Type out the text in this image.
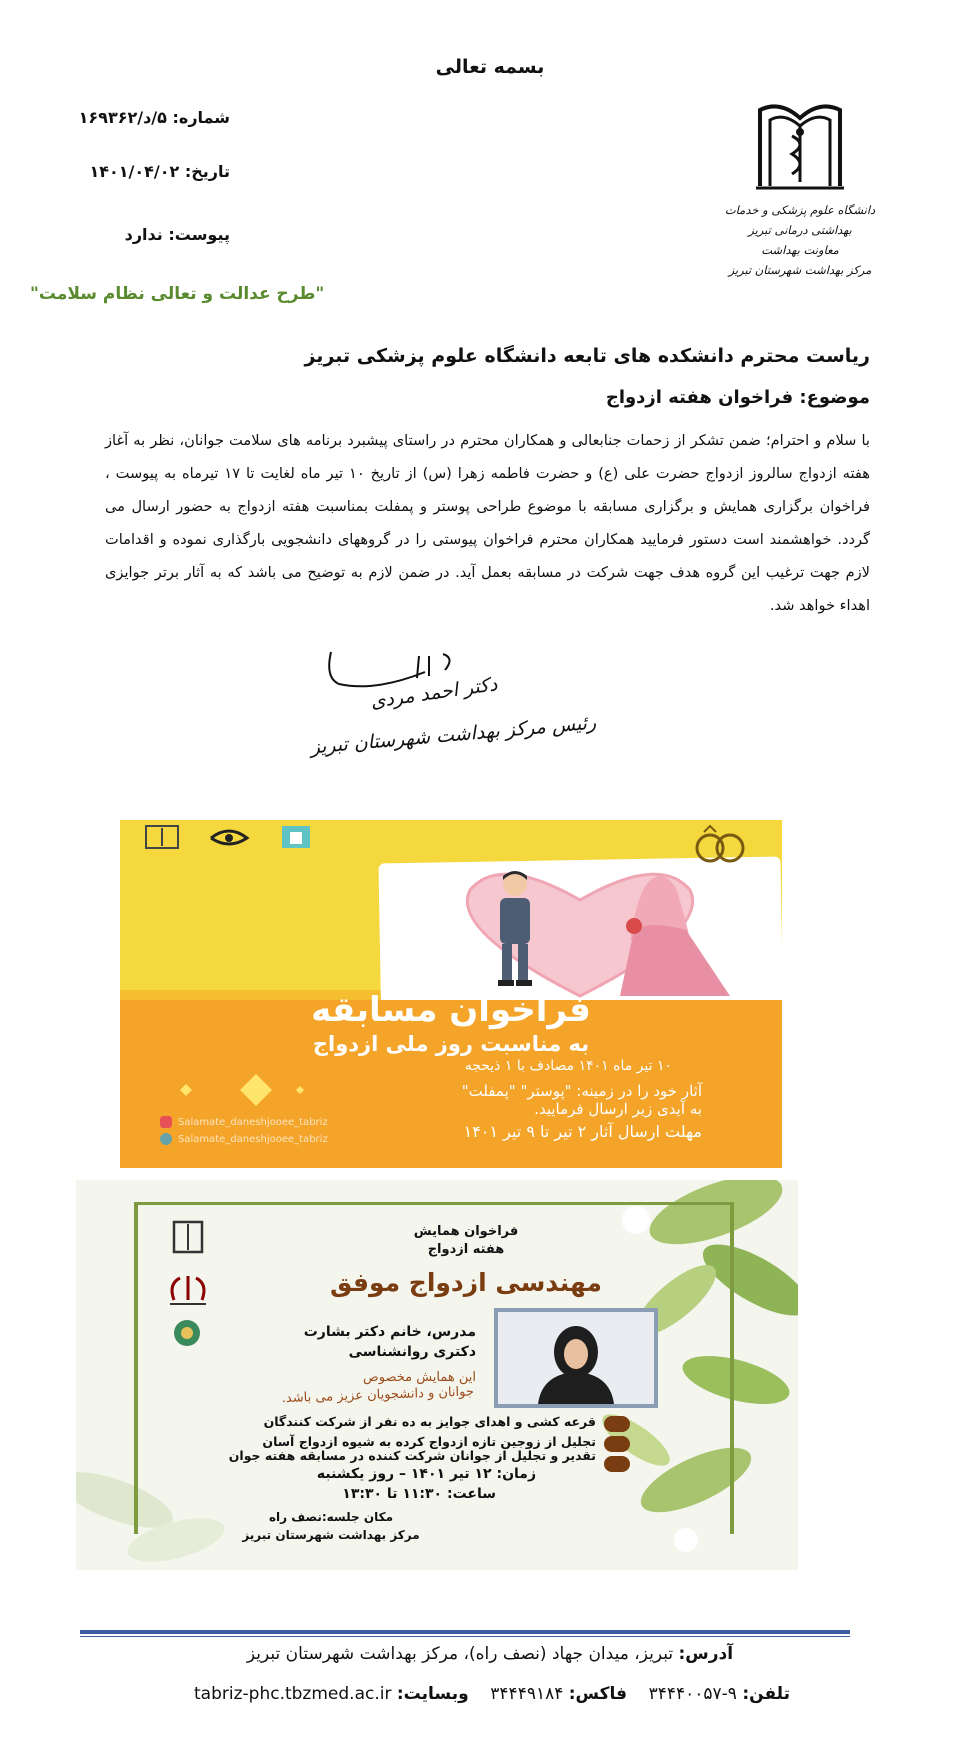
بسمه تعالی
شماره: ۵/د/۱۶۹۳۶۲
تاریخ: ۱۴۰۱/۰۴/۰۲
پیوست: ندارد
"طرح عدالت و تعالی نظام سلامت"
دانشگاه علوم پزشکی و خدمات بهداشتی درمانی تبریز
معاونت بهداشت
مرکز بهداشت شهرستان تبریز
ریاست محترم دانشکده های تابعه دانشگاه علوم پزشکی تبریز
موضوع: فراخوان هفته ازدواج
با سلام و احترام؛ ضمن تشکر از زحمات جنابعالی و همکاران محترم در راستای پیشبرد برنامه های سلامت جوانان، نظر به آغاز هفته ازدواج سالروز ازدواج حضرت علی (ع) و حضرت فاطمه زهرا (س) از تاریخ ۱۰ تیر ماه لغایت تا ۱۷ تیرماه به پیوست ، فراخوان برگزاری همایش و برگزاری مسابقه با موضوع طراحی پوستر و پمفلت بمناسبت هفته ازدواج به حضور ارسال می گردد. خواهشمند است دستور فرمایید همکاران محترم فراخوان پیوستی را در گروههای دانشجویی بارگذاری نموده و اقدامات لازم جهت ترغیب این گروه هدف جهت شرکت در مسابقه بعمل آید. در ضمن لازم به توضیح می باشد که به آثار برتر جوایزی اهداء خواهد شد.
دکتر احمد مردی
رئیس مرکز بهداشت شهرستان تبریز

فراخوان مسابقه
به مناسبت روز ملی ازدواج
۱۰ تیر ماه ۱۴۰۱ مصادف با ۱ ذیحجه
آثار خود را در زمینه: "پوستر" "پمفلت"
به آیدی زیر ارسال فرمایید.
مهلت ارسال آثار ۲ تیر تا ۹ تیر ۱۴۰۱
Salamate_daneshjooee_tabriz
Salamate_daneshjooee_tabriz
فراخوان همایش
هفته ازدواج
مهندسی ازدواج موفق
مدرس، خانم دکتر بشارت
دکتری روانشناسی
این همایش مخصوص
جوانان و دانشجویان عزیز می باشد.
قرعه کشی و اهدای جوایز به ده نفر از شرکت کنندگان
تجلیل از زوجین تازه ازدواج کرده به شیوه ازدواج آسان
تقدیر و تجلیل از جوانان شرکت کننده در مسابقه هفته جوان
زمان: ۱۲ تیر ۱۴۰۱ – روز یکشنبه
ساعت: ۱۱:۳۰ تا ۱۳:۳۰
مکان جلسه:نصف راه
مرکز بهداشت شهرستان تبریز
آدرس: تبریز، میدان جهاد (نصف راه)، مرکز بهداشت شهرستان تبریز
تلفن: ۹-۳۴۴۴۰۰۵۷    فاکس: ۳۴۴۴۹۱۸۴    وبسایت: tabriz-phc.tbzmed.ac.ir
